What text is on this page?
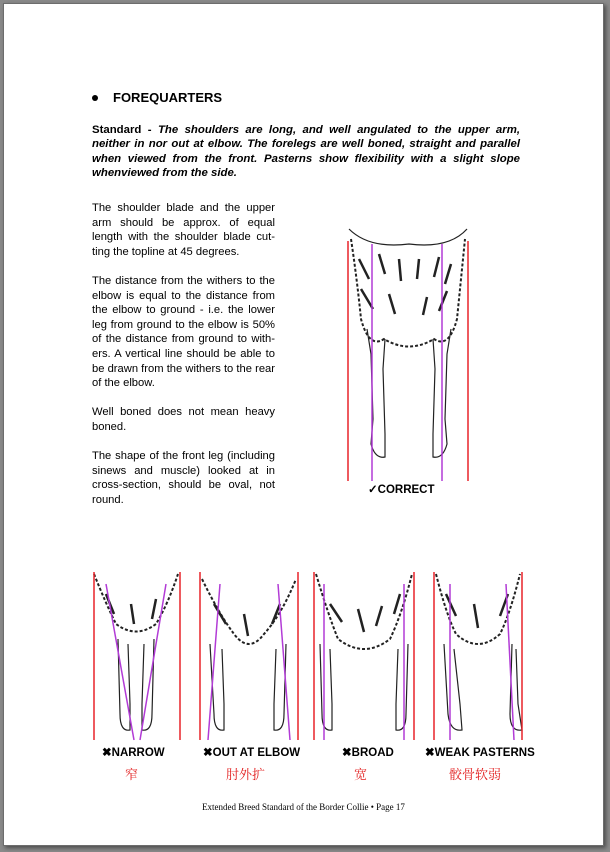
FOREQUARTERS
Standard - The shoulders are long, and well angulated to the upper arm, neither in nor out at elbow. The forelegs are well boned, straight and parallel when viewed from the front. Pasterns show flexibility with a slight slope whenviewed from the side.

The shoulder blade and the upper arm should be approx. of equal length with the shoulder blade cut-ting the topline at 45 degrees.

The distance from the withers to the elbow is equal to the distance from the elbow to ground - i.e. the lower leg from ground to the elbow is 50% of the distance from ground to with-ers. A vertical line should be able to be drawn from the withers to the rear of the elbow.

Well boned does not mean heavy boned.

The shape of the front leg (including sinews and muscle) looked at in cross-section, should be oval, not round.

✓CORRECT
✖NARROW	✖OUT AT ELBOW	✖BROAD	✖WEAK PASTERNS
窄	肘外扩	宽	骹骨软弱
Extended Breed Standard of the Border Collie • Page 17
